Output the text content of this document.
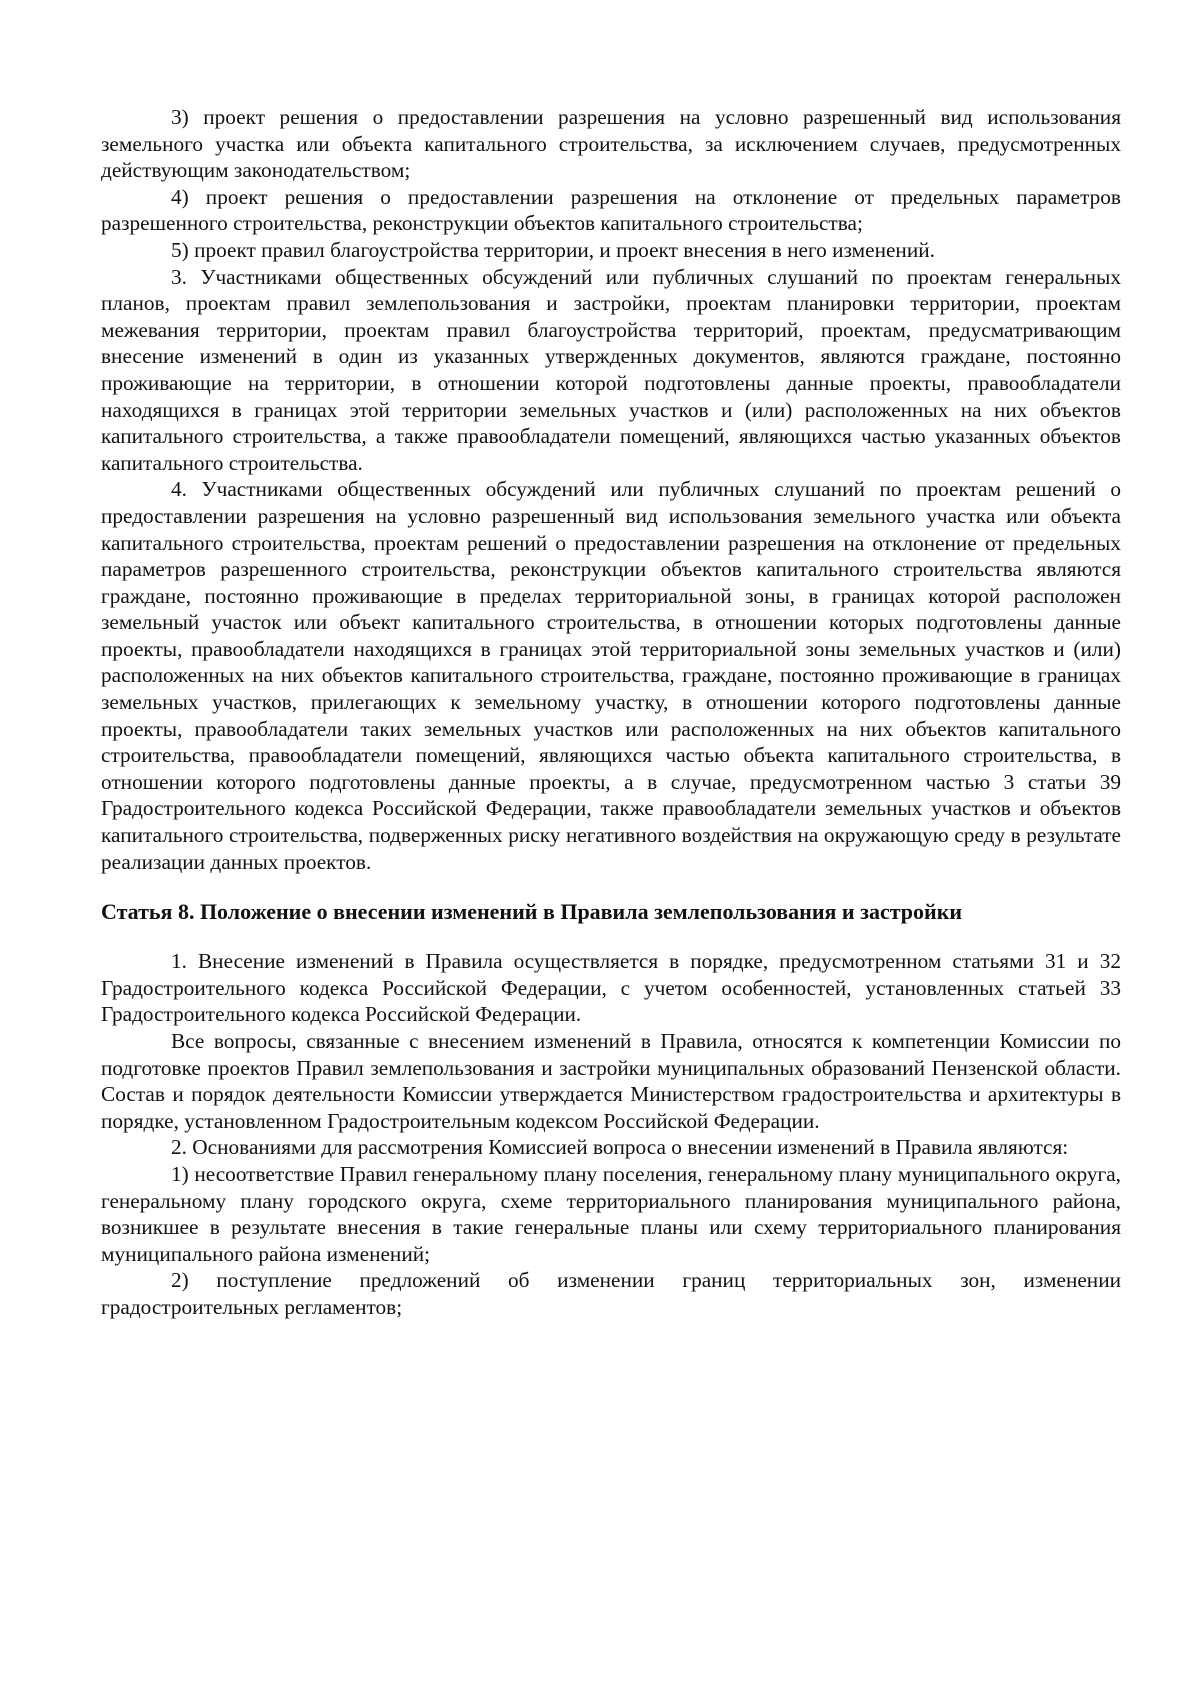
3) проект решения о предоставлении разрешения на условно разрешенный вид использования земельного участка или объекта капитального строительства, за исключением случаев, предусмотренных действующим законодательством;

4) проект решения о предоставлении разрешения на отклонение от предельных параметров разрешенного строительства, реконструкции объектов капитального строительства;

5) проект правил благоустройства территории, и проект внесения в него изменений.

3. Участниками общественных обсуждений или публичных слушаний по проектам генеральных планов, проектам правил землепользования и застройки, проектам планировки территории, проектам межевания территории, проектам правил благоустройства территорий, проектам, предусматривающим внесение изменений в один из указанных утвержденных документов, являются граждане, постоянно проживающие на территории, в отношении которой подготовлены данные проекты, правообладатели находящихся в границах этой территории земельных участков и (или) расположенных на них объектов капитального строительства, а также правообладатели помещений, являющихся частью указанных объектов капитального строительства.

4. Участниками общественных обсуждений или публичных слушаний по проектам решений о предоставлении разрешения на условно разрешенный вид использования земельного участка или объекта капитального строительства, проектам решений о предоставлении разрешения на отклонение от предельных параметров разрешенного строительства, реконструкции объектов капитального строительства являются граждане, постоянно проживающие в пределах территориальной зоны, в границах которой расположен земельный участок или объект капитального строительства, в отношении которых подготовлены данные проекты, правообладатели находящихся в границах этой территориальной зоны земельных участков и (или) расположенных на них объектов капитального строительства, граждане, постоянно проживающие в границах земельных участков, прилегающих к земельному участку, в отношении которого подготовлены данные проекты, правообладатели таких земельных участков или расположенных на них объектов капитального строительства, правообладатели помещений, являющихся частью объекта капитального строительства, в отношении которого подготовлены данные проекты, а в случае, предусмотренном частью 3 статьи 39 Градостроительного кодекса Российской Федерации, также правообладатели земельных участков и объектов капитального строительства, подверженных риску негативного воздействия на окружающую среду в результате реализации данных проектов.

Статья 8. Положение о внесении изменений в Правила землепользования и застройки

1. Внесение изменений в Правила осуществляется в порядке, предусмотренном статьями 31 и 32 Градостроительного кодекса Российской Федерации, с учетом особенностей, установленных статьей 33 Градостроительного кодекса Российской Федерации.

Все вопросы, связанные с внесением изменений в Правила, относятся к компетенции Комиссии по подготовке проектов Правил землепользования и застройки муниципальных образований Пензенской области. Состав и порядок деятельности Комиссии утверждается Министерством градостроительства и архитектуры в порядке, установленном Градостроительным кодексом Российской Федерации.

2. Основаниями для рассмотрения Комиссией вопроса о внесении изменений в Правила являются:

1) несоответствие Правил генеральному плану поселения, генеральному плану муниципального округа, генеральному плану городского округа, схеме территориального планирования муниципального района, возникшее в результате внесения в такие генеральные планы или схему территориального планирования муниципального района изменений;

2) поступление предложений об изменении границ территориальных зон, изменении градостроительных регламентов;
